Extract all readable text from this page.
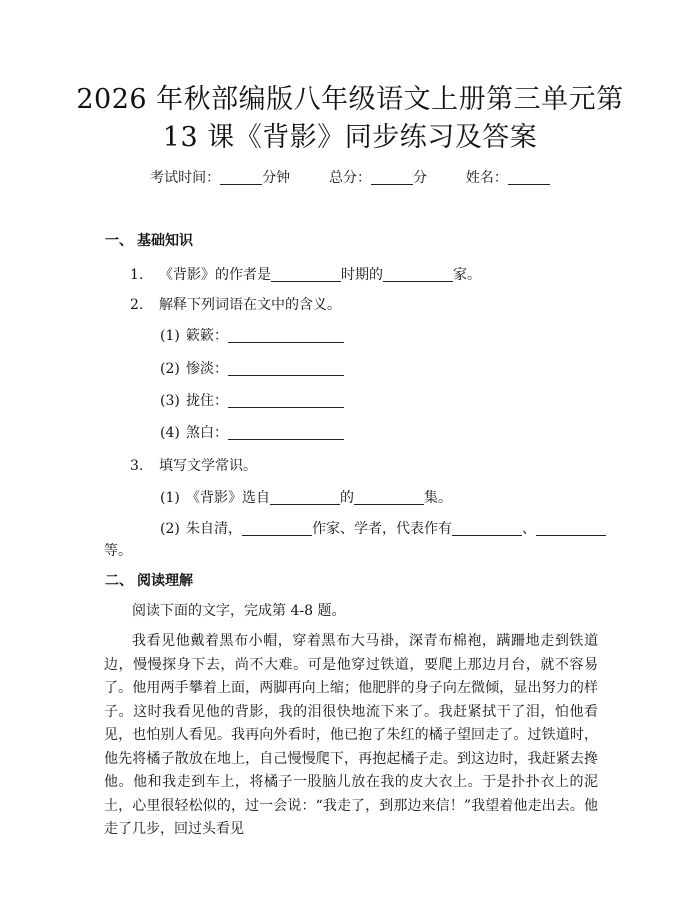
2026 年秋部编版八年级语文上册第三单元第
13 课《背影》同步练习及答案
考试时间：	分钟	总分：	分	姓名：
一、 基础知识
1. 《背影》的作者是	时期的	家。
2. 解释下列词语在文中的含义。
(1) 簌簌：
(2) 惨淡：
(3) 拢住：
(4) 煞白：
3. 填写文学常识。
(1) 《背影》选自	的	集。
(2) 朱自清，	作家、学者，代表作有	、
等。
二、 阅读理解
阅读下面的文字，完成第 4-8 题。
我看见他戴着黑布小帽，穿着黑布大马褂，深青布棉袍，蹒跚地走到铁道边，慢慢探身下去，尚不大难。可是他穿过铁道，要爬上那边月台，就不容易了。他用两手攀着上面，两脚再向上缩；他肥胖的身子向左微倾，显出努力的样子。这时我看见他的背影，我的泪很快地流下来了。我赶紧拭干了泪，怕他看见，也怕别人看见。我再向外看时，他已抱了朱红的橘子望回走了。过铁道时，他先将橘子散放在地上，自己慢慢爬下，再抱起橘子走。到这边时，我赶紧去搀他。他和我走到车上，将橘子一股脑儿放在我的皮大衣上。于是扑扑衣上的泥土，心里很轻松似的，过一会说：“我走了，到那边来信！”我望着他走出去。他走了几步，回过头看见
